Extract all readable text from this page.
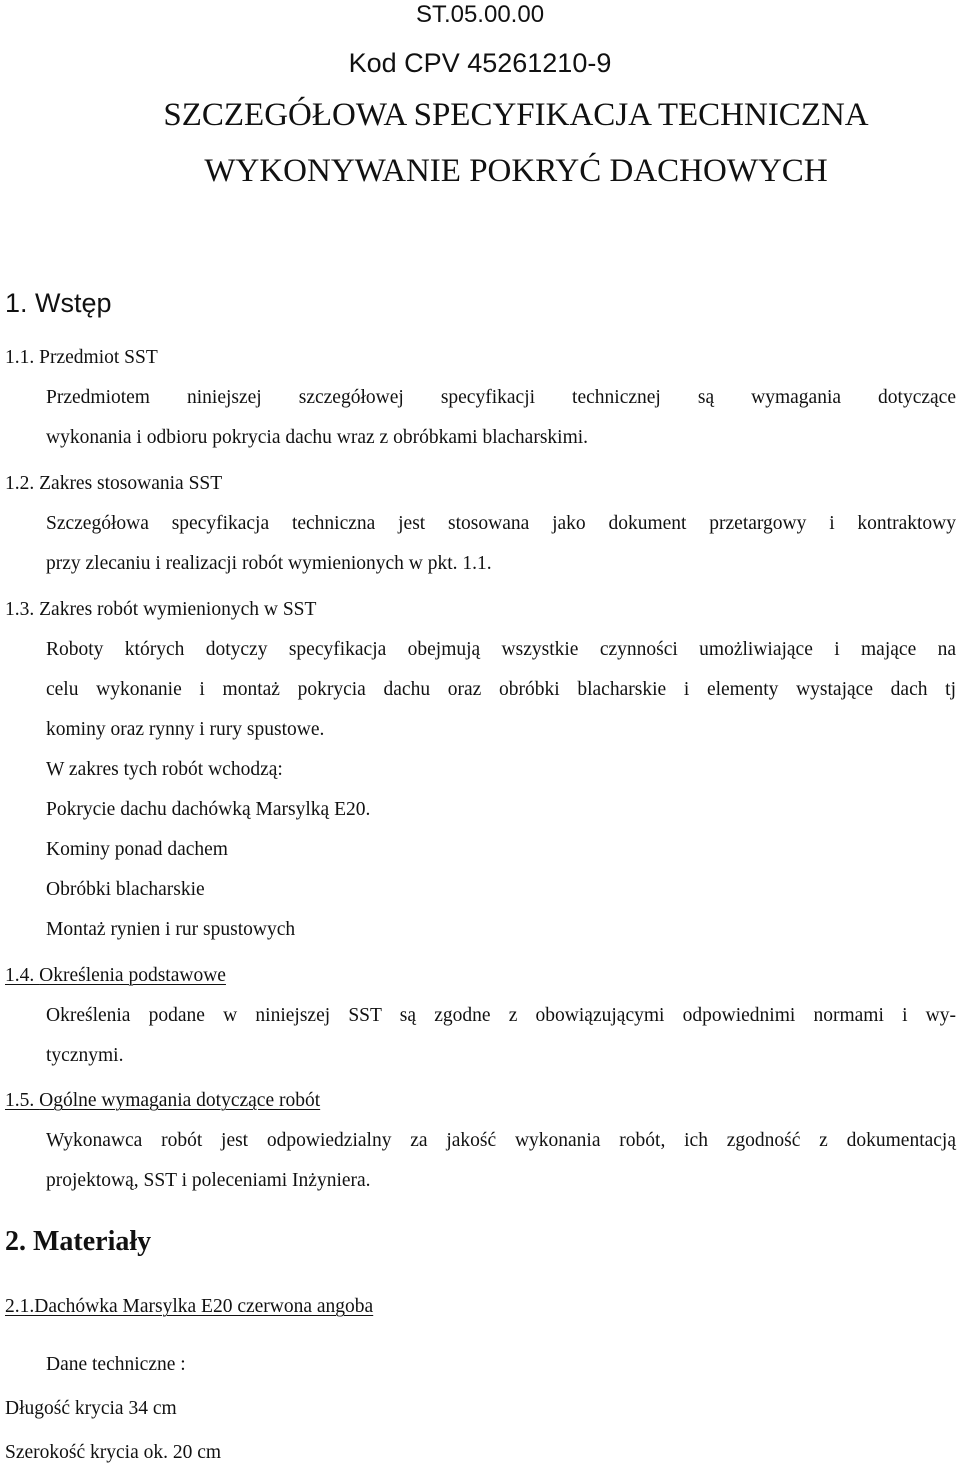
ST.05.00.00
Kod CPV 45261210-9
SZCZEGÓŁOWA SPECYFIKACJA TECHNICZNA
WYKONYWANIE POKRYĆ DACHOWYCH
1. Wstęp
1.1. Przedmiot SST
Przedmiotem niniejszej szczegółowej specyfikacji technicznej są wymagania dotyczące
wykonania i odbioru pokrycia dachu wraz z obróbkami blacharskimi.
1.2. Zakres stosowania SST
Szczegółowa specyfikacja techniczna jest stosowana jako dokument przetargowy i kontraktowy
przy zlecaniu i realizacji robót wymienionych w pkt. 1.1.
1.3. Zakres robót wymienionych w SST
Roboty których dotyczy specyfikacja obejmują wszystkie czynności umożliwiające i mające na
celu wykonanie i montaż pokrycia dachu oraz obróbki blacharskie i elementy wystające dach tj
kominy oraz rynny i rury spustowe.
W zakres tych robót wchodzą:
Pokrycie dachu dachówką Marsylką E20.
Kominy ponad dachem
Obróbki blacharskie
Montaż rynien i rur spustowych
1.4. Określenia podstawowe
Określenia podane w niniejszej SST są zgodne z obowiązującymi odpowiednimi normami i wy-
tycznymi.
1.5. Ogólne wymagania dotyczące robót
Wykonawca robót jest odpowiedzialny za jakość wykonania robót, ich zgodność z dokumentacją
projektową, SST i poleceniami Inżyniera.
2. Materiały
2.1.Dachówka Marsylka E20 czerwona angoba
Dane techniczne :
Długość krycia 34 cm
Szerokość krycia ok. 20 cm
